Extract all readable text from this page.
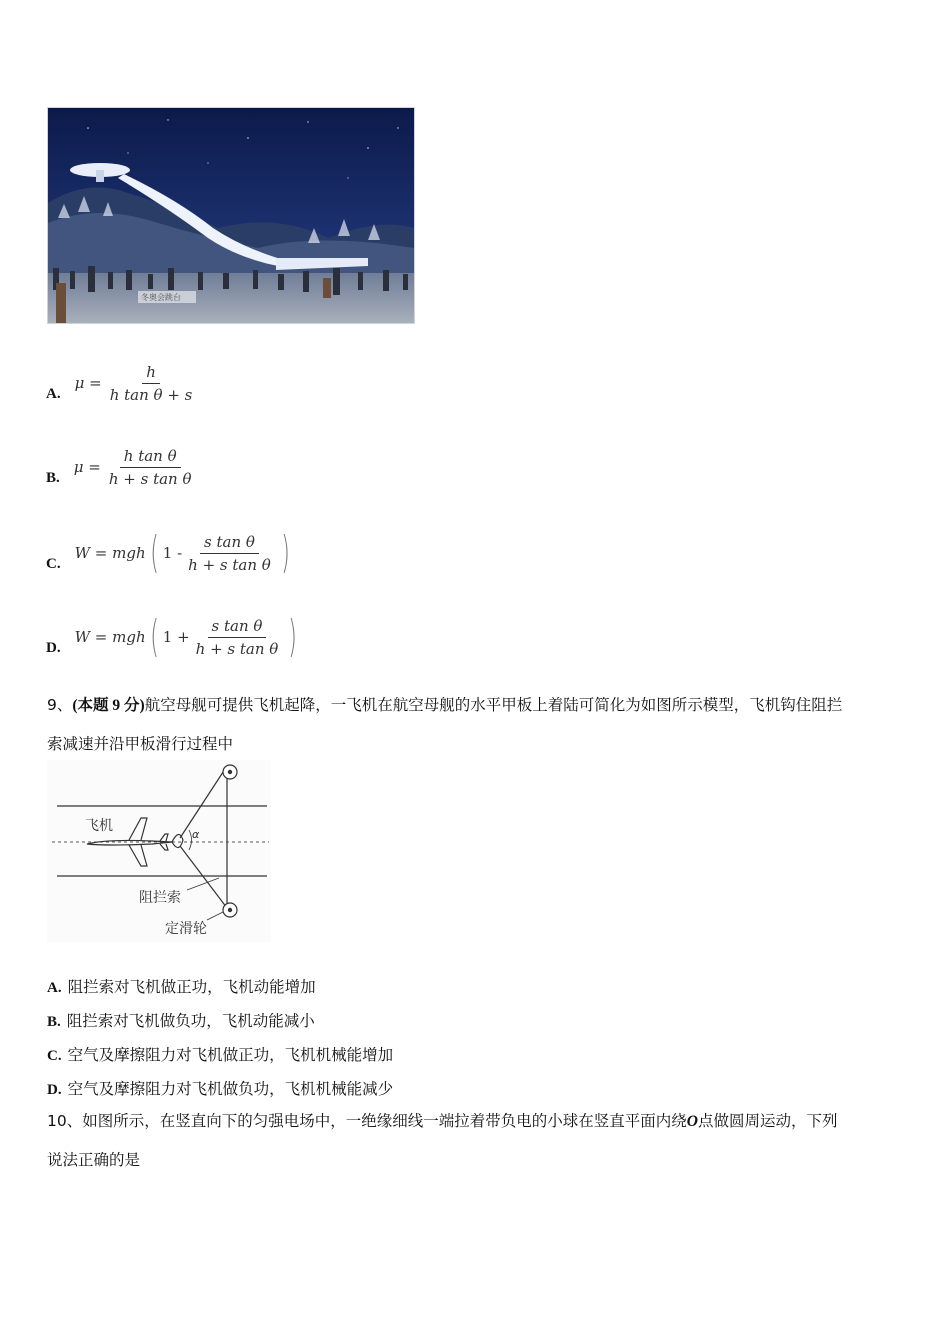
冬奥会跳台
A.
$\mu = \frac{h}{\text{h tan θ + s}}$
B.
$\mu = \frac{\text{h tan θ}}{\text{h + s tan θ}}$
C.
W = mgh ( $1 - \frac{\text{s tan θ}}{\text{h + s tan θ}}$ )
D.
W = mgh ( $1 + \frac{\text{s tan θ}}{\text{h + s tan θ}}$ )
9、(本题 9 分)航空母舰可提供飞机起降，一飞机在航空母舰的水平甲板上着陆可简化为如图所示模型，飞机钩住阻拦
索减速并沿甲板滑行过程中
飞机
α
阻拦索
定滑轮
A. 阻拦索对飞机做正功，飞机动能增加
B. 阻拦索对飞机做负功，飞机动能减小
C. 空气及摩擦阻力对飞机做正功，飞机机械能增加
D. 空气及摩擦阻力对飞机做负功，飞机机械能减少
10、如图所示，在竖直向下的匀强电场中，一绝缘细线一端拉着带负电的小球在竖直平面内绕O点做圆周运动，下列
说法正确的是
